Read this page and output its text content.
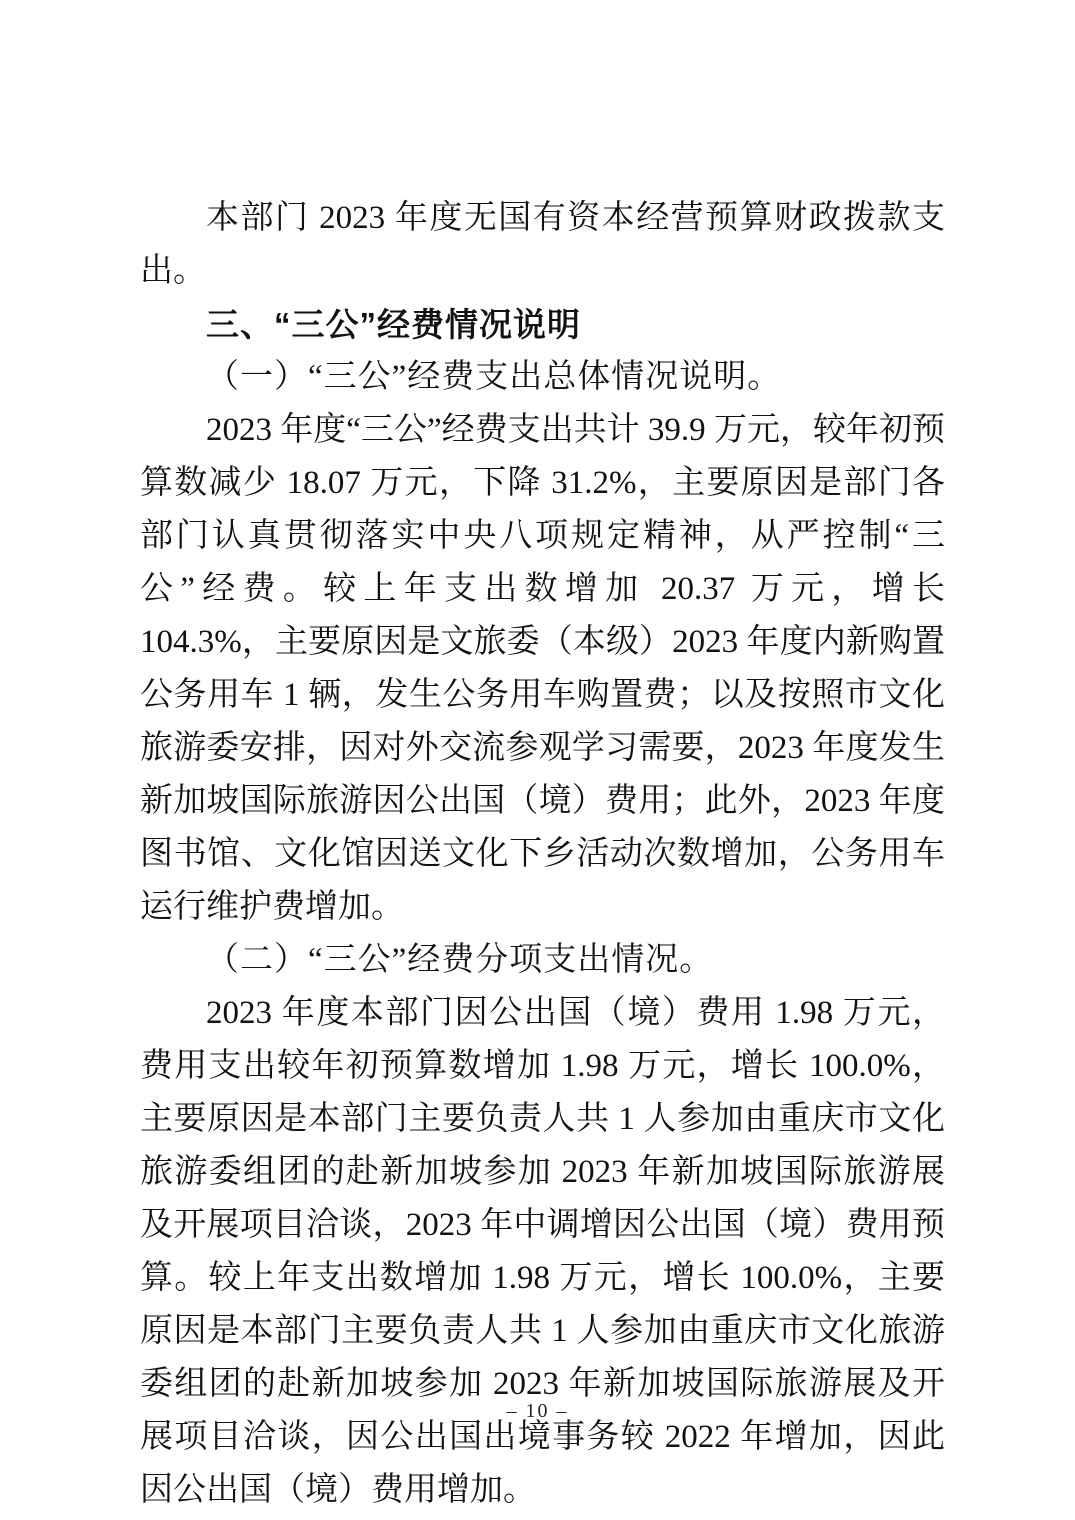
本部门 2023 年度无国有资本经营预算财政拨款支出。

三、“三公”经费情况说明

（一）“三公”经费支出总体情况说明。

2023 年度“三公”经费支出共计 39.9 万元，较年初预算数减少 18.07 万元，下降 31.2%，主要原因是部门各部门认真贯彻落实中央八项规定精神，从严控制“三公”经费。较上年支出数增加 20.37 万元，增长 104.3%，主要原因是文旅委（本级）2023 年度内新购置公务用车 1 辆，发生公务用车购置费；以及按照市文化旅游委安排，因对外交流参观学习需要，2023 年度发生新加坡国际旅游因公出国（境）费用；此外，2023 年度图书馆、文化馆因送文化下乡活动次数增加，公务用车运行维护费增加。

（二）“三公”经费分项支出情况。

2023 年度本部门因公出国（境）费用 1.98 万元，费用支出较年初预算数增加 1.98 万元，增长 100.0%，主要原因是本部门主要负责人共 1 人参加由重庆市文化旅游委组团的赴新加坡参加 2023 年新加坡国际旅游展及开展项目洽谈，2023 年中调增因公出国（境）费用预算。较上年支出数增加 1.98 万元，增长 100.0%，主要原因是本部门主要负责人共 1 人参加由重庆市文化旅游委组团的赴新加坡参加 2023 年新加坡国际旅游展及开展项目洽谈，因公出国出境事务较 2022 年增加，因此因公出国（境）费用增加。

– 10 –
